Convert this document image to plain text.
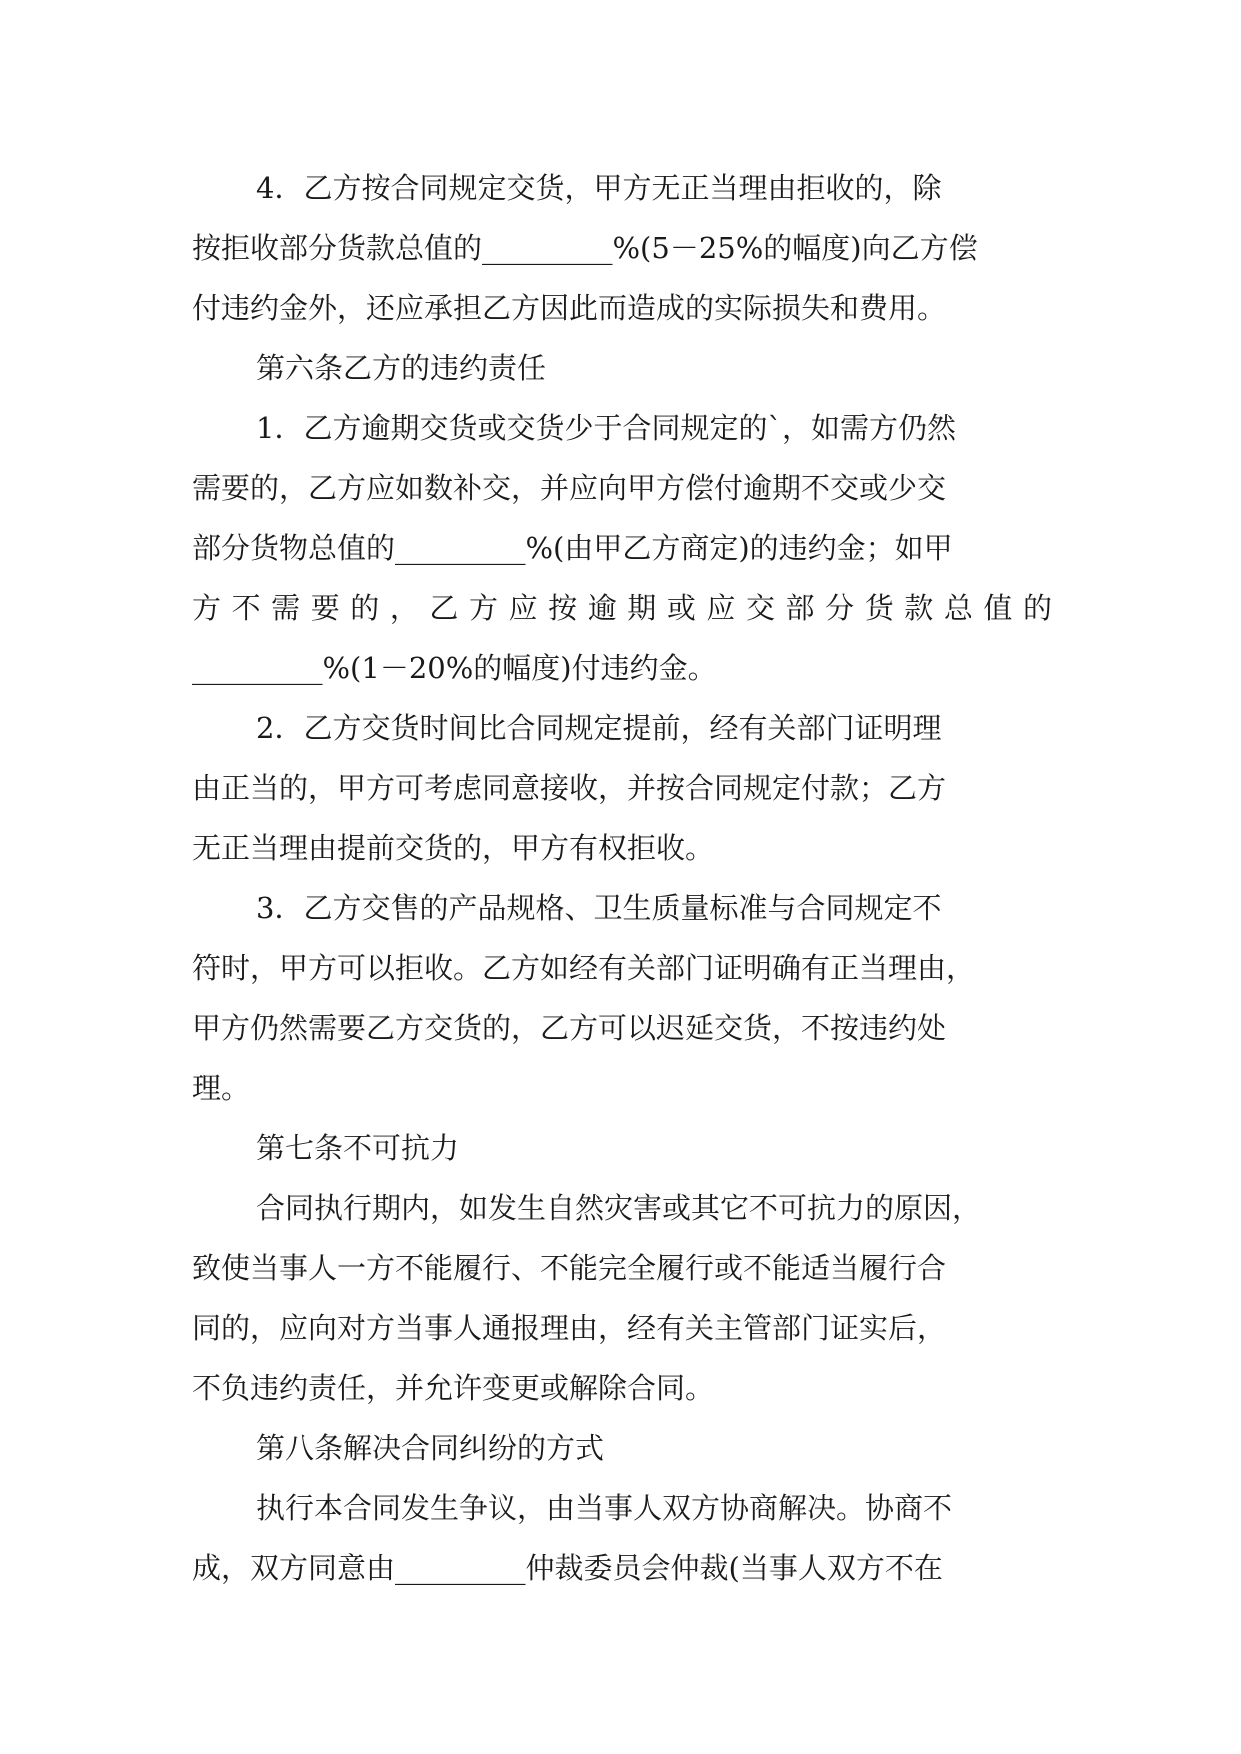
4．乙方按合同规定交货，甲方无正当理由拒收的，除
按拒收部分货款总值的_________%(5－25%的幅度)向乙方偿
付违约金外，还应承担乙方因此而造成的实际损失和费用。
第六条乙方的违约责任
1．乙方逾期交货或交货少于合同规定的`，如需方仍然
需要的，乙方应如数补交，并应向甲方偿付逾期不交或少交
部分货物总值的_________%(由甲乙方商定)的违约金；如甲
方不需要的，乙方应按逾期或应交部分货款总值的
_________%(1－20%的幅度)付违约金。
2．乙方交货时间比合同规定提前，经有关部门证明理
由正当的，甲方可考虑同意接收，并按合同规定付款；乙方
无正当理由提前交货的，甲方有权拒收。
3．乙方交售的产品规格、卫生质量标准与合同规定不
符时，甲方可以拒收。乙方如经有关部门证明确有正当理由，
甲方仍然需要乙方交货的，乙方可以迟延交货，不按违约处
理。
第七条不可抗力
合同执行期内，如发生自然灾害或其它不可抗力的原因，
致使当事人一方不能履行、不能完全履行或不能适当履行合
同的，应向对方当事人通报理由，经有关主管部门证实后，
不负违约责任，并允许变更或解除合同。
第八条解决合同纠纷的方式
执行本合同发生争议，由当事人双方协商解决。协商不
成，双方同意由_________仲裁委员会仲裁(当事人双方不在
